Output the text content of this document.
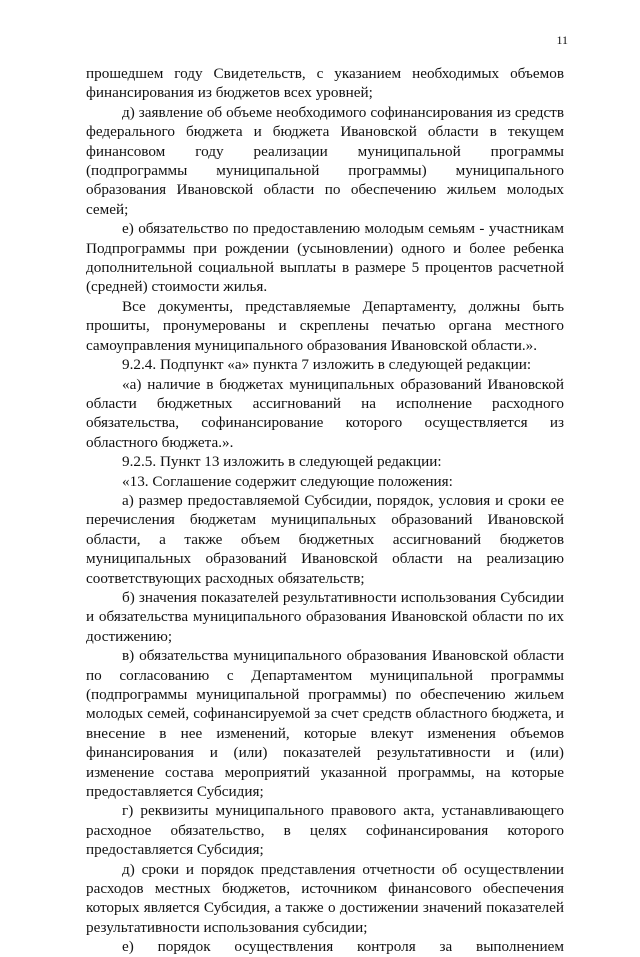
11

прошедшем году Свидетельств, с указанием необходимых объемов финансирования из бюджетов всех уровней;

д) заявление об объеме необходимого софинансирования из средств федерального бюджета и бюджета Ивановской области в текущем финансовом году реализации муниципальной программы (подпрограммы муниципальной программы) муниципального образования Ивановской области по обеспечению жильем молодых семей;

е) обязательство по предоставлению молодым семьям - участникам Подпрограммы при рождении (усыновлении) одного и более ребенка дополнительной социальной выплаты в размере 5 процентов расчетной (средней) стоимости жилья.

Все документы, представляемые Департаменту, должны быть прошиты, пронумерованы и скреплены печатью органа местного самоуправления муниципального образования Ивановской области.».

9.2.4. Подпункт «а» пункта 7 изложить в следующей редакции:

«а) наличие в бюджетах муниципальных образований Ивановской области бюджетных ассигнований на исполнение расходного обязательства, софинансирование которого осуществляется из областного бюджета.».

9.2.5. Пункт 13 изложить в следующей редакции:

«13. Соглашение содержит следующие положения:

а) размер предоставляемой Субсидии, порядок, условия и сроки ее перечисления бюджетам муниципальных образований Ивановской области, а также объем бюджетных ассигнований бюджетов муниципальных образований Ивановской области на реализацию соответствующих расходных обязательств;

б) значения показателей результативности использования Субсидии и обязательства муниципального образования Ивановской области по их достижению;

в) обязательства муниципального образования Ивановской области по согласованию с Департаментом муниципальной программы (подпрограммы муниципальной программы) по обеспечению жильем молодых семей, софинансируемой за счет средств областного бюджета, и внесение в нее изменений, которые влекут изменения объемов финансирования и (или) показателей результативности и (или) изменение состава мероприятий указанной программы, на которые предоставляется Субсидия;

г) реквизиты муниципального правового акта, устанавливающего расходное обязательство, в целях софинансирования которого предоставляется Субсидия;

д) сроки и порядок представления отчетности об осуществлении расходов местных бюджетов, источником финансового обеспечения которых является Субсидия, а также о достижении значений показателей результативности использования субсидии;

е) порядок осуществления контроля за выполнением
